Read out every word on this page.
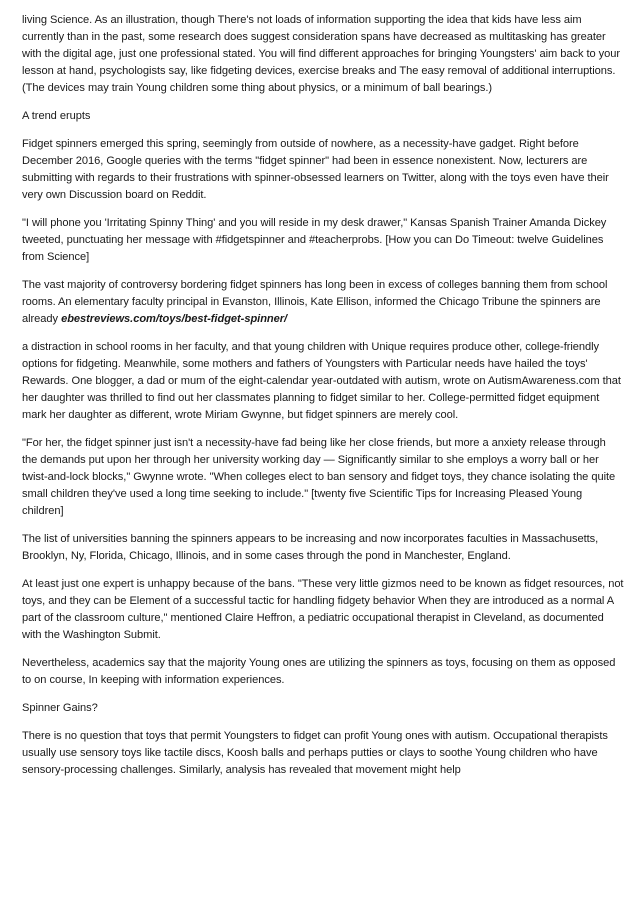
living Science. As an illustration, though There's not loads of information supporting the idea that kids have less aim currently than in the past, some research does suggest consideration spans have decreased as multitasking has greater with the digital age, just one professional stated. You will find different approaches for bringing Youngsters' aim back to your lesson at hand, psychologists say, like fidgeting devices, exercise breaks and The easy removal of additional interruptions. (The devices may train Young children some thing about physics, or a minimum of ball bearings.)

A trend erupts

Fidget spinners emerged this spring, seemingly from outside of nowhere, as a necessity-have gadget. Right before December 2016, Google queries with the terms "fidget spinner" had been in essence nonexistent. Now, lecturers are submitting with regards to their frustrations with spinner-obsessed learners on Twitter, along with the toys even have their very own Discussion board on Reddit.

"I will phone you 'Irritating Spinny Thing' and you will reside in my desk drawer," Kansas Spanish Trainer Amanda Dickey tweeted, punctuating her message with #fidgetspinner and #teacherprobs. [How you can Do Timeout: twelve Guidelines from Science]

The vast majority of controversy bordering fidget spinners has long been in excess of colleges banning them from school rooms. An elementary faculty principal in Evanston, Illinois, Kate Ellison, informed the Chicago Tribune the spinners are already ebestreviews.com/toys/best-fidget-spinner/

a distraction in school rooms in her faculty, and that young children with Unique requires produce other, college-friendly options for fidgeting. Meanwhile, some mothers and fathers of Youngsters with Particular needs have hailed the toys' Rewards. One blogger, a dad or mum of the eight-calendar year-outdated with autism, wrote on AutismAwareness.com that her daughter was thrilled to find out her classmates planning to fidget similar to her. College-permitted fidget equipment mark her daughter as different, wrote Miriam Gwynne, but fidget spinners are merely cool.

"For her, the fidget spinner just isn't a necessity-have fad being like her close friends, but more a anxiety release through the demands put upon her through her university working day — Significantly similar to she employs a worry ball or her twist-and-lock blocks," Gwynne wrote. "When colleges elect to ban sensory and fidget toys, they chance isolating the quite small children they've used a long time seeking to include." [twenty five Scientific Tips for Increasing Pleased Young children]

The list of universities banning the spinners appears to be increasing and now incorporates faculties in Massachusetts, Brooklyn, Ny, Florida, Chicago, Illinois, and in some cases through the pond in Manchester, England.

At least just one expert is unhappy because of the bans. "These very little gizmos need to be known as fidget resources, not toys, and they can be Element of a successful tactic for handling fidgety behavior When they are introduced as a normal A part of the classroom culture," mentioned Claire Heffron, a pediatric occupational therapist in Cleveland, as documented with the Washington Submit.

Nevertheless, academics say that the majority Young ones are utilizing the spinners as toys, focusing on them as opposed to on course, In keeping with information experiences.

Spinner Gains?

There is no question that toys that permit Youngsters to fidget can profit Young ones with autism. Occupational therapists usually use sensory toys like tactile discs, Koosh balls and perhaps putties or clays to soothe Young children who have sensory-processing challenges. Similarly, analysis has revealed that movement might help
